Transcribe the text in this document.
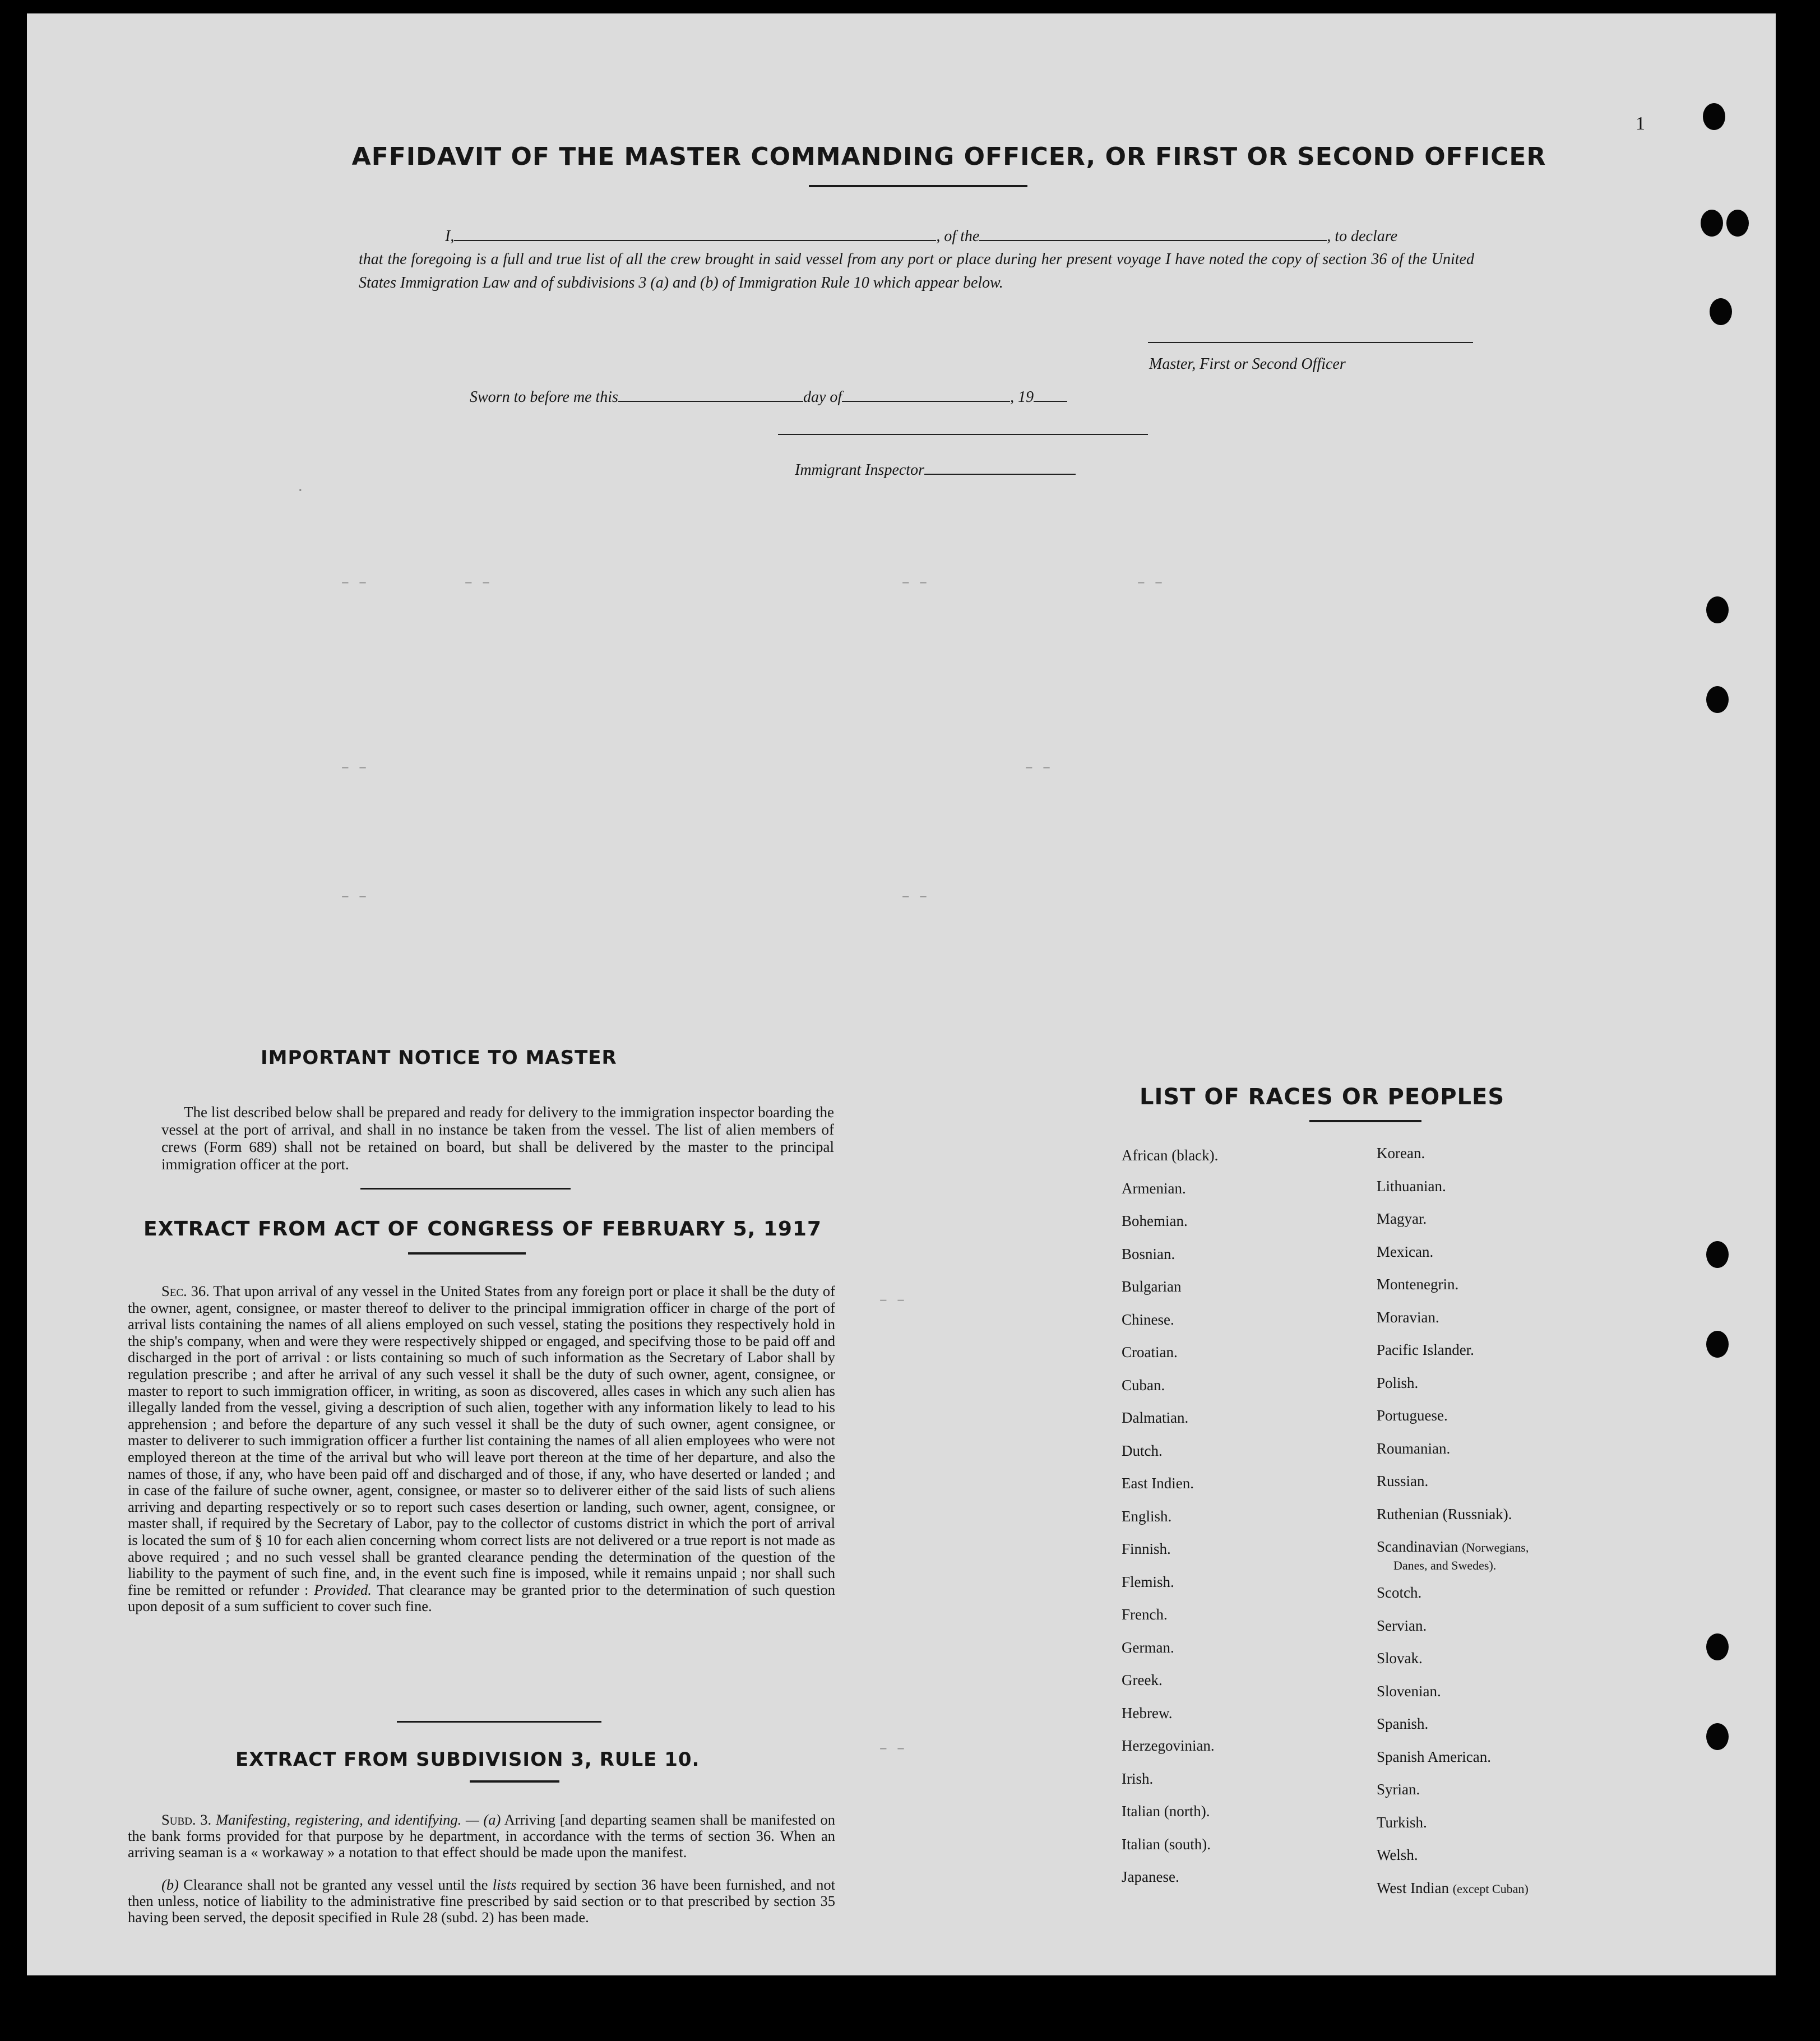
1
.
– –	– –	– –	– –
– –	– –
– –	– –
– –
– –
AFFIDAVIT OF THE MASTER COMMANDING OFFICER, OR FIRST OR SECOND OFFICER
I,	, of the	, to declare
that the foregoing is a full and true list of all the crew brought in said vessel from any port or place during her present voyage I have noted the copy of section 36 of the United States Immigration Law and of subdivisions 3 (a) and (b) of Immigration Rule 10 which appear below.
Master, First or Second Officer
Sworn to before me this	day of	, 19
Immigrant Inspector
IMPORTANT NOTICE TO MASTER
The list described below shall be prepared and ready for delivery to the immigration inspector boarding the vessel at the port of arrival, and shall in no instance be taken from the vessel. The list of alien members of crews (Form 689) shall not be retained on board, but shall be delivered by the master to the principal immigration officer at the port.
EXTRACT FROM ACT OF CONGRESS OF FEBRUARY 5, 1917
Sec. 36. That upon arrival of any vessel in the United States from any foreign port or place it shall be the duty of the owner, agent, consignee, or master thereof to deliver to the principal immigration officer in charge of the port of arrival lists containing the names of all aliens employed on such vessel, stating the positions they respectively hold in the ship's company, when and were they were respectively shipped or engaged, and specifving those to be paid off and discharged in the port of arrival : or lists containing so much of such information as the Secretary of Labor shall by regulation prescribe ; and after he arrival of any such vessel it shall be the duty of such owner, agent, consignee, or master to report to such immigration officer, in writing, as soon as discovered, alles cases in which any such alien has illegally landed from the vessel, giving a description of such alien, together with any information likely to lead to his apprehension ; and before the departure of any such vessel it shall be the duty of such owner, agent consignee, or master to deliverer to such immigration officer a further list containing the names of all alien employees who were not employed thereon at the time of the arrival but who will leave port thereon at the time of her departure, and also the names of those, if any, who have been paid off and discharged and of those, if any, who have deserted or landed ; and in case of the failure of suche owner, agent, consignee, or master so to deliverer either of the said lists of such aliens arriving and departing respectively or so to report such cases desertion or landing, such owner, agent, consignee, or master shall, if required by the Secretary of Labor, pay to the collector of customs district in which the port of arrival is located the sum of § 10 for each alien concerning whom correct lists are not delivered or a true report is not made as above required ; and no such vessel shall be granted clearance pending the determination of the question of the liability to the payment of such fine, and, in the event such fine is imposed, while it remains unpaid ; nor shall such fine be remitted or refunder : Provided. That clearance may be granted prior to the determination of such question upon deposit of a sum sufficient to cover such fine.
EXTRACT FROM SUBDIVISION 3, RULE 10.
Subd. 3. Manifesting, registering, and identifying. — (a) Arriving [and departing seamen shall be manifested on the bank forms provided for that purpose by he department, in accordance with the terms of section 36. When an arriving seaman is a « workaway » a notation to that effect should be made upon the manifest.
(b) Clearance shall not be granted any vessel until the lists required by section 36 have been furnished, and not then unless, notice of liability to the administrative fine prescribed by said section or to that prescribed by section 35 having been served, the deposit specified in Rule 28 (subd. 2) has been made.
LIST OF RACES OR PEOPLES
African (black).
Armenian.
Bohemian.
Bosnian.
Bulgarian
Chinese.
Croatian.
Cuban.
Dalmatian.
Dutch.
East Indien.
English.
Finnish.
Flemish.
French.
German.
Greek.
Hebrew.
Herzegovinian.
Irish.
Italian (north).
Italian (south).
Japanese.
Korean.
Lithuanian.
Magyar.
Mexican.
Montenegrin.
Moravian.
Pacific Islander.
Polish.
Portuguese.
Roumanian.
Russian.
Ruthenian (Russniak).
Scandinavian (Norwegians,
Danes, and Swedes).
Scotch.
Servian.
Slovak.
Slovenian.
Spanish.
Spanish American.
Syrian.
Turkish.
Welsh.
West Indian (except Cuban)
